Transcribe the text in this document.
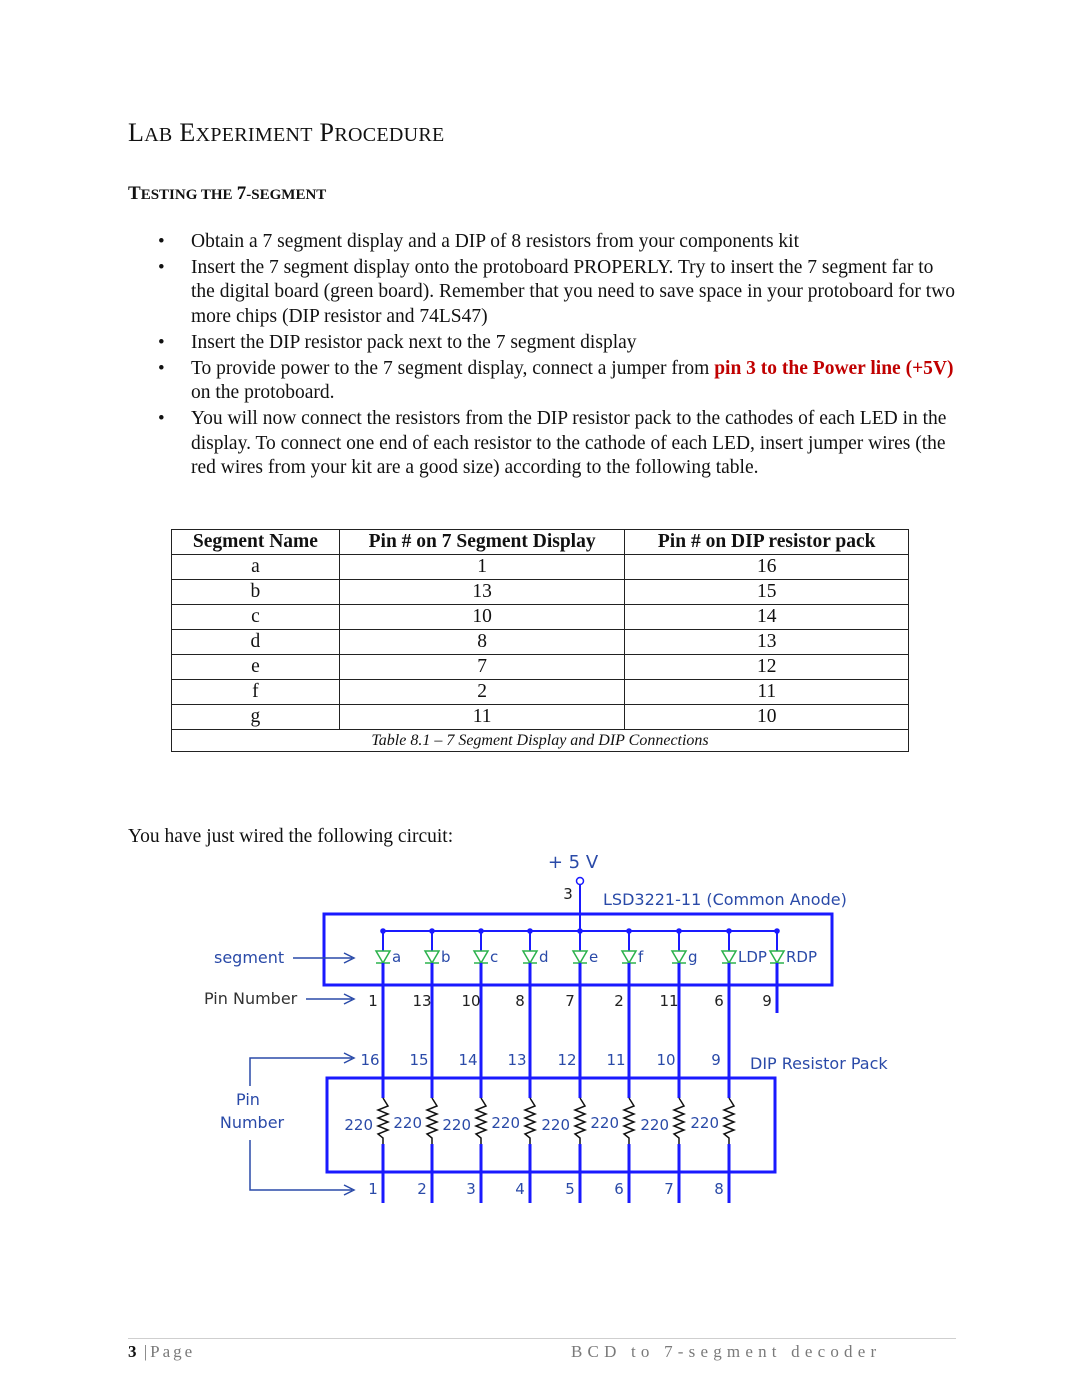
LAB EXPERIMENT PROCEDURE
TESTING THE 7-SEGMENT
• Obtain a 7 segment display and a DIP of 8 resistors from your components kit
• Insert the 7 segment display onto the protoboard PROPERLY. Try to insert the 7 segment far to the digital board (green board). Remember that you need to save space in your protoboard for two more chips (DIP resistor and 74LS47)
• Insert the DIP resistor pack next to the 7 segment display
• To provide power to the 7 segment display, connect a jumper from pin 3 to the Power line (+5V) on the protoboard.
• You will now connect the resistors from the DIP resistor pack to the cathodes of each LED in the display. To connect one end of each resistor to the cathode of each LED, insert jumper wires (the red wires from your kit are a good size) according to the following table.
Segment Name	Pin # on 7 Segment Display	Pin # on DIP resistor pack
a	1	16
b	13	15
c	10	14
d	8	13
e	7	12
f	2	11
g	11	10
Table 8.1 – 7 Segment Display and DIP Connections		
You have just wired the following circuit:
+ 5 V
3 LSD3221-11 (Common Anode)
segment
Pin Number
DIP Resistor Pack
Pin
Number
a
1
16
220
1
b
13
15
220
2
c
10
14
220
3
d
8
13
220
4
e
7
12
220
5
f
2
11
220
6
g
11
10
220
7
LDP
6
9
220
8
RDP
9
3 |Page	BCD to 7-segment decoder
